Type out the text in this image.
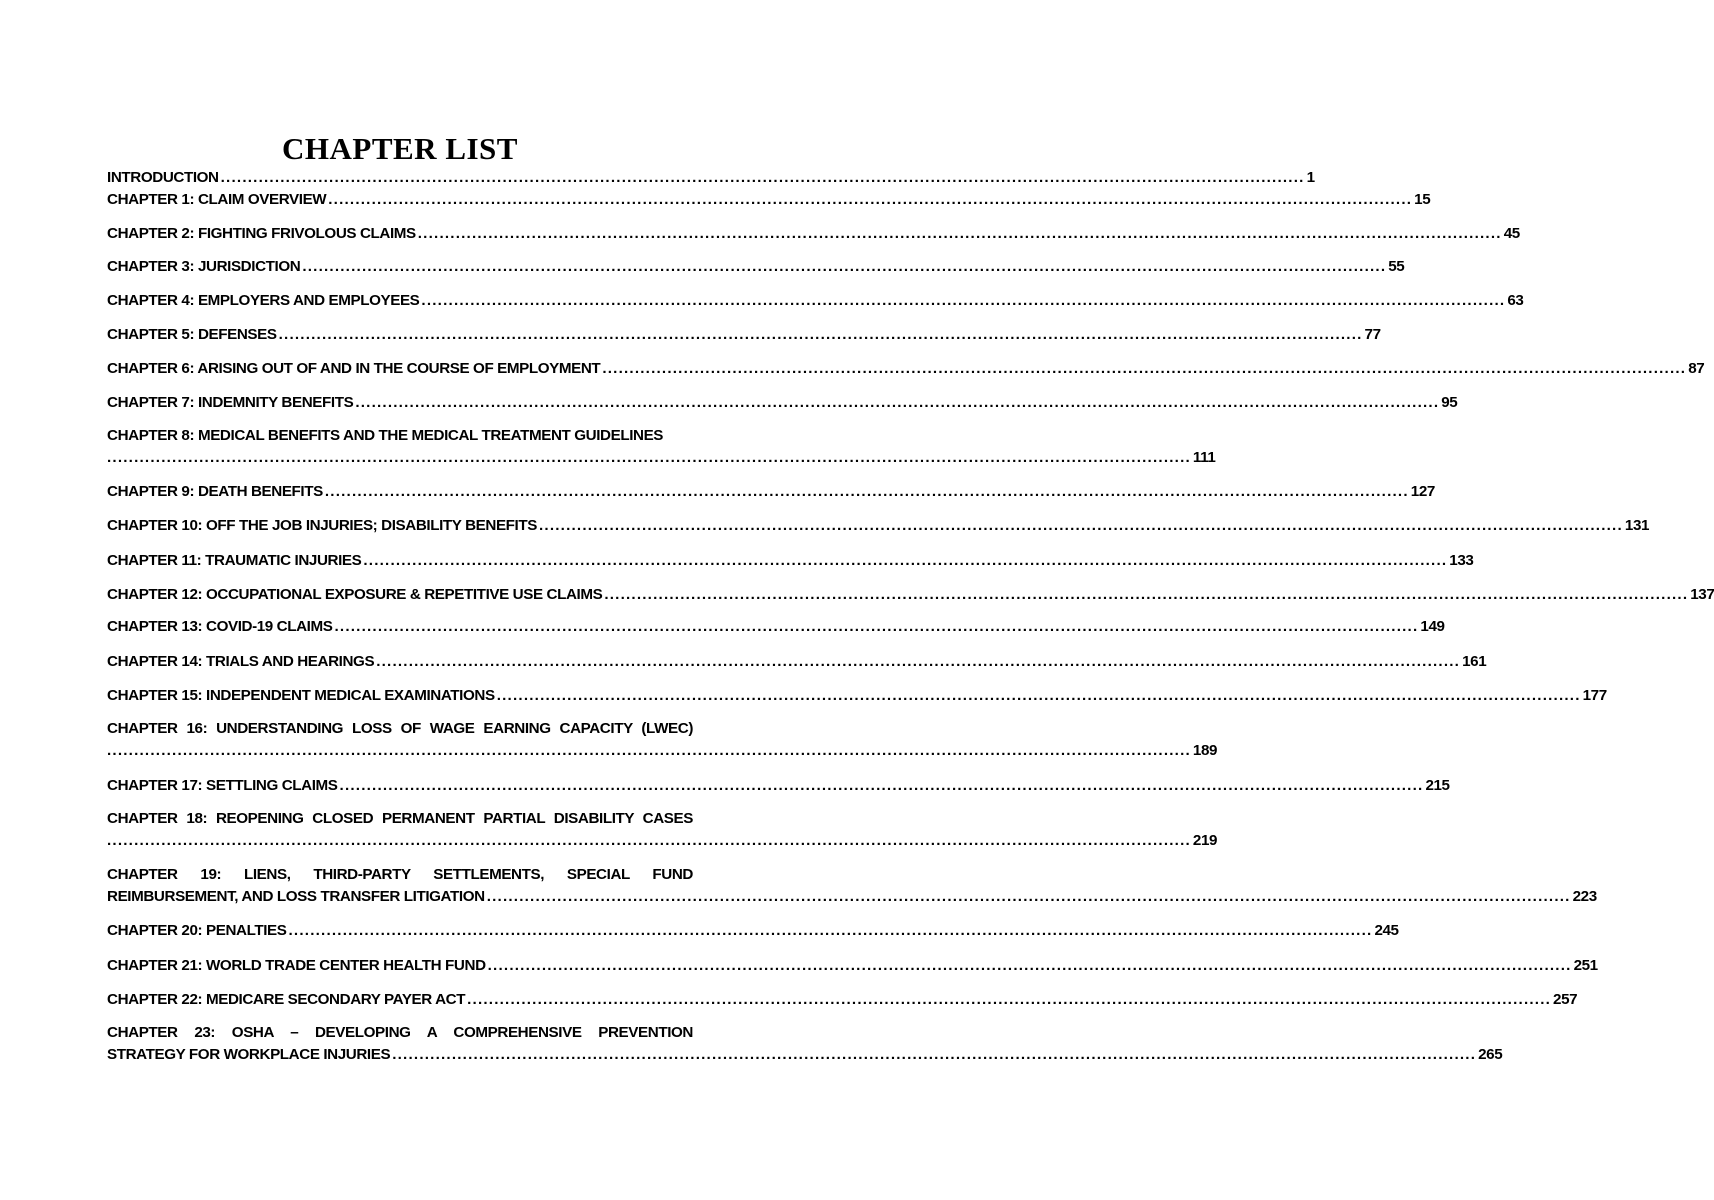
CHAPTER LIST
INTRODUCTION ........................................................................................................................................................................................................ 1
CHAPTER 1: CLAIM OVERVIEW ........................................................................................................................................................................................................ 15
CHAPTER 2: FIGHTING FRIVOLOUS CLAIMS ........................................................................................................................................................................................................ 45
CHAPTER 3: JURISDICTION ........................................................................................................................................................................................................ 55
CHAPTER 4: EMPLOYERS AND EMPLOYEES ........................................................................................................................................................................................................ 63
CHAPTER 5: DEFENSES ........................................................................................................................................................................................................ 77
CHAPTER 6: ARISING OUT OF AND IN THE COURSE OF EMPLOYMENT ........................................................................................................................................................................................................ 87
CHAPTER 7: INDEMNITY BENEFITS ........................................................................................................................................................................................................ 95
CHAPTER 8: MEDICAL BENEFITS AND THE MEDICAL TREATMENT GUIDELINES
........................................................................................................................................................................................................ 111
CHAPTER 9: DEATH BENEFITS ........................................................................................................................................................................................................ 127
CHAPTER 10: OFF THE JOB INJURIES; DISABILITY BENEFITS ........................................................................................................................................................................................................ 131
CHAPTER 11: TRAUMATIC INJURIES ........................................................................................................................................................................................................ 133
CHAPTER 12: OCCUPATIONAL EXPOSURE & REPETITIVE USE CLAIMS ........................................................................................................................................................................................................ 137
CHAPTER 13: COVID-19 CLAIMS ........................................................................................................................................................................................................ 149
CHAPTER 14: TRIALS AND HEARINGS ........................................................................................................................................................................................................ 161
CHAPTER 15: INDEPENDENT MEDICAL EXAMINATIONS ........................................................................................................................................................................................................ 177
CHAPTER 16: UNDERSTANDING LOSS OF WAGE EARNING CAPACITY (LWEC)
........................................................................................................................................................................................................ 189
CHAPTER 17: SETTLING CLAIMS ........................................................................................................................................................................................................ 215
CHAPTER 18: REOPENING CLOSED PERMANENT PARTIAL DISABILITY CASES
........................................................................................................................................................................................................ 219
CHAPTER 19: LIENS, THIRD-PARTY SETTLEMENTS, SPECIAL FUND
REIMBURSEMENT, AND LOSS TRANSFER LITIGATION ........................................................................................................................................................................................................ 223
CHAPTER 20: PENALTIES ........................................................................................................................................................................................................ 245
CHAPTER 21: WORLD TRADE CENTER HEALTH FUND ........................................................................................................................................................................................................ 251
CHAPTER 22: MEDICARE SECONDARY PAYER ACT ........................................................................................................................................................................................................ 257
CHAPTER 23: OSHA – DEVELOPING A COMPREHENSIVE PREVENTION
STRATEGY FOR WORKPLACE INJURIES ........................................................................................................................................................................................................ 265
